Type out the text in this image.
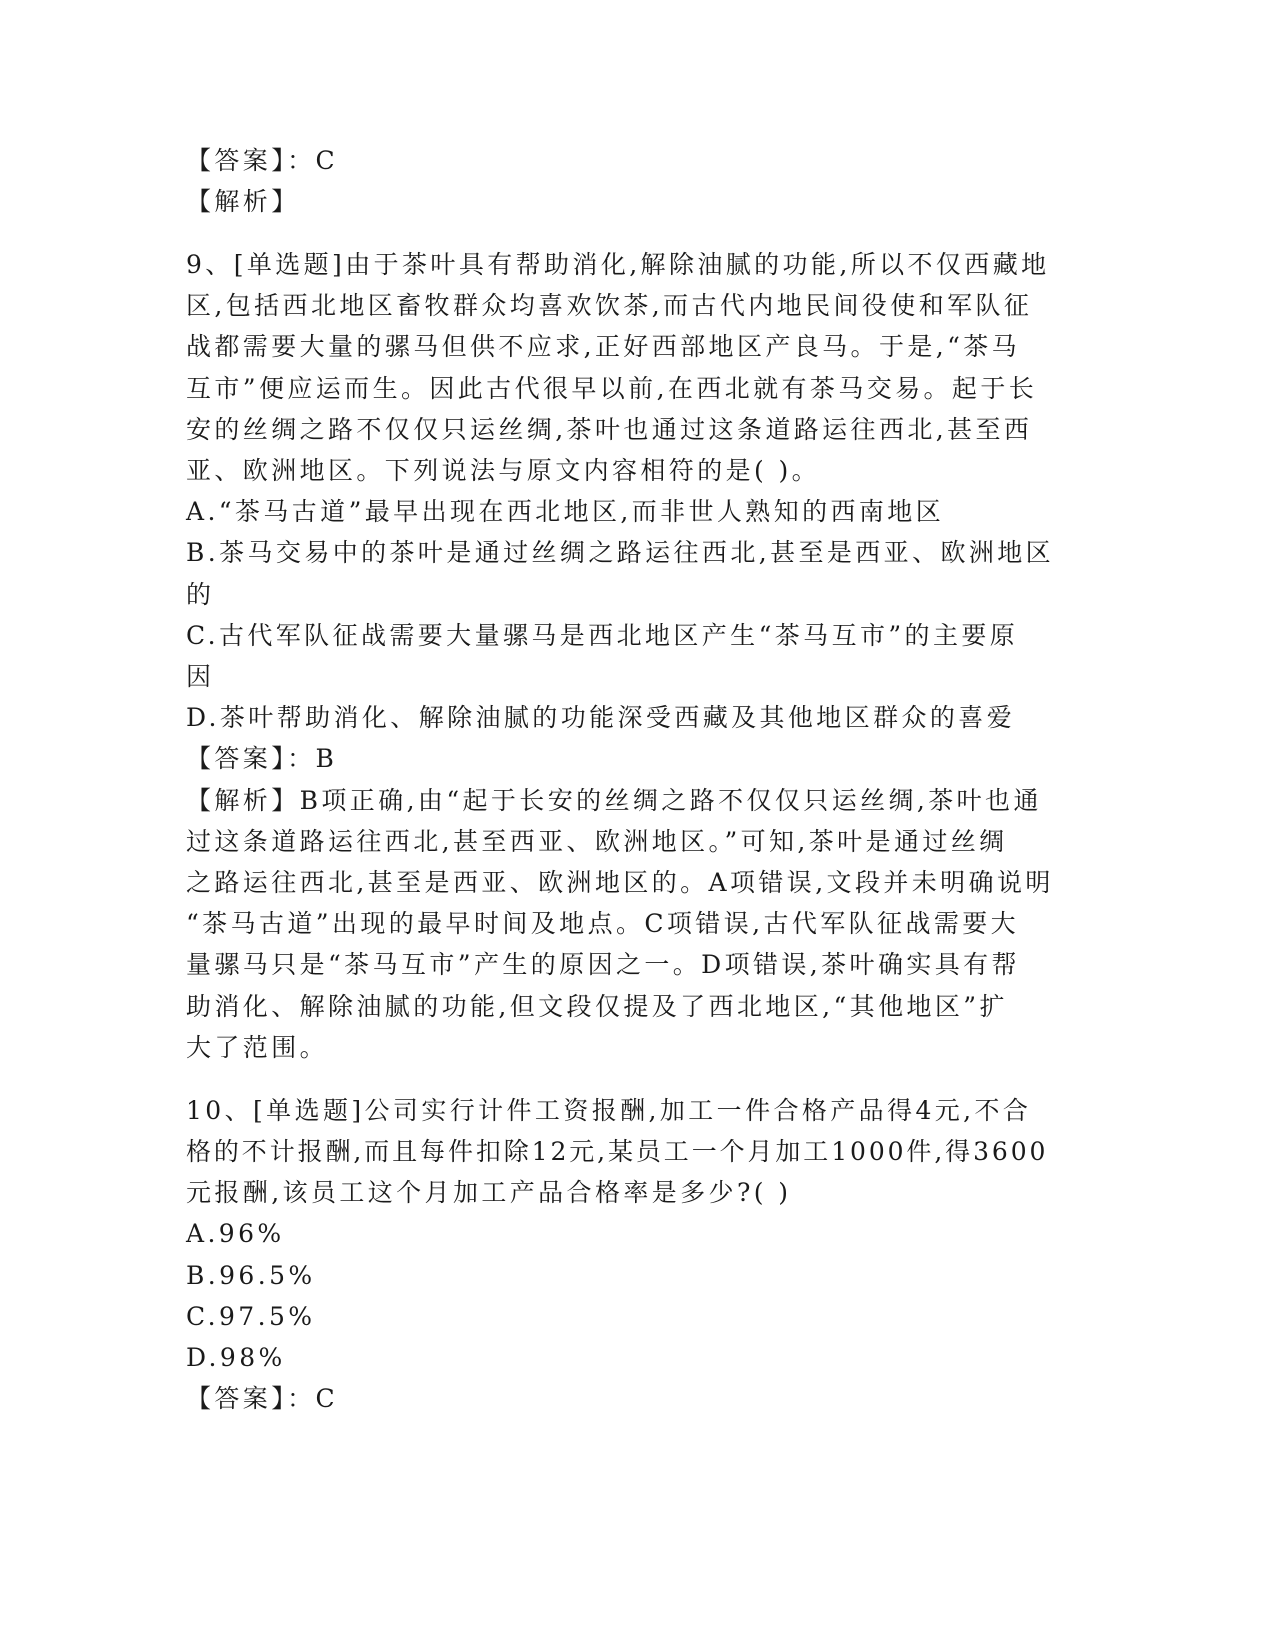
【答案】：C
【解析】
9、[单选题]由于茶叶具有帮助消化,解除油腻的功能,所以不仅西藏地
区,包括西北地区畜牧群众均喜欢饮茶,而古代内地民间役使和军队征
战都需要大量的骡马但供不应求,正好西部地区产良马。于是,“茶马
互市”便应运而生。因此古代很早以前,在西北就有茶马交易。起于长
安的丝绸之路不仅仅只运丝绸,茶叶也通过这条道路运往西北,甚至西
亚、欧洲地区。下列说法与原文内容相符的是( )。
A.“茶马古道”最早出现在西北地区,而非世人熟知的西南地区
B.茶马交易中的茶叶是通过丝绸之路运往西北,甚至是西亚、欧洲地区
的
C.古代军队征战需要大量骡马是西北地区产生“茶马互市”的主要原
因
D.茶叶帮助消化、解除油腻的功能深受西藏及其他地区群众的喜爱
【答案】：B
【解析】B项正确,由“起于长安的丝绸之路不仅仅只运丝绸,茶叶也通
过这条道路运往西北,甚至西亚、欧洲地区。”可知,茶叶是通过丝绸
之路运往西北,甚至是西亚、欧洲地区的。A项错误,文段并未明确说明
“茶马古道”出现的最早时间及地点。C项错误,古代军队征战需要大
量骡马只是“茶马互市”产生的原因之一。D项错误,茶叶确实具有帮
助消化、解除油腻的功能,但文段仅提及了西北地区,“其他地区”扩
大了范围。
10、[单选题]公司实行计件工资报酬,加工一件合格产品得4元,不合
格的不计报酬,而且每件扣除12元,某员工一个月加工1000件,得3600
元报酬,该员工这个月加工产品合格率是多少?( )
A.96%
B.96.5%
C.97.5%
D.98%
【答案】：C
